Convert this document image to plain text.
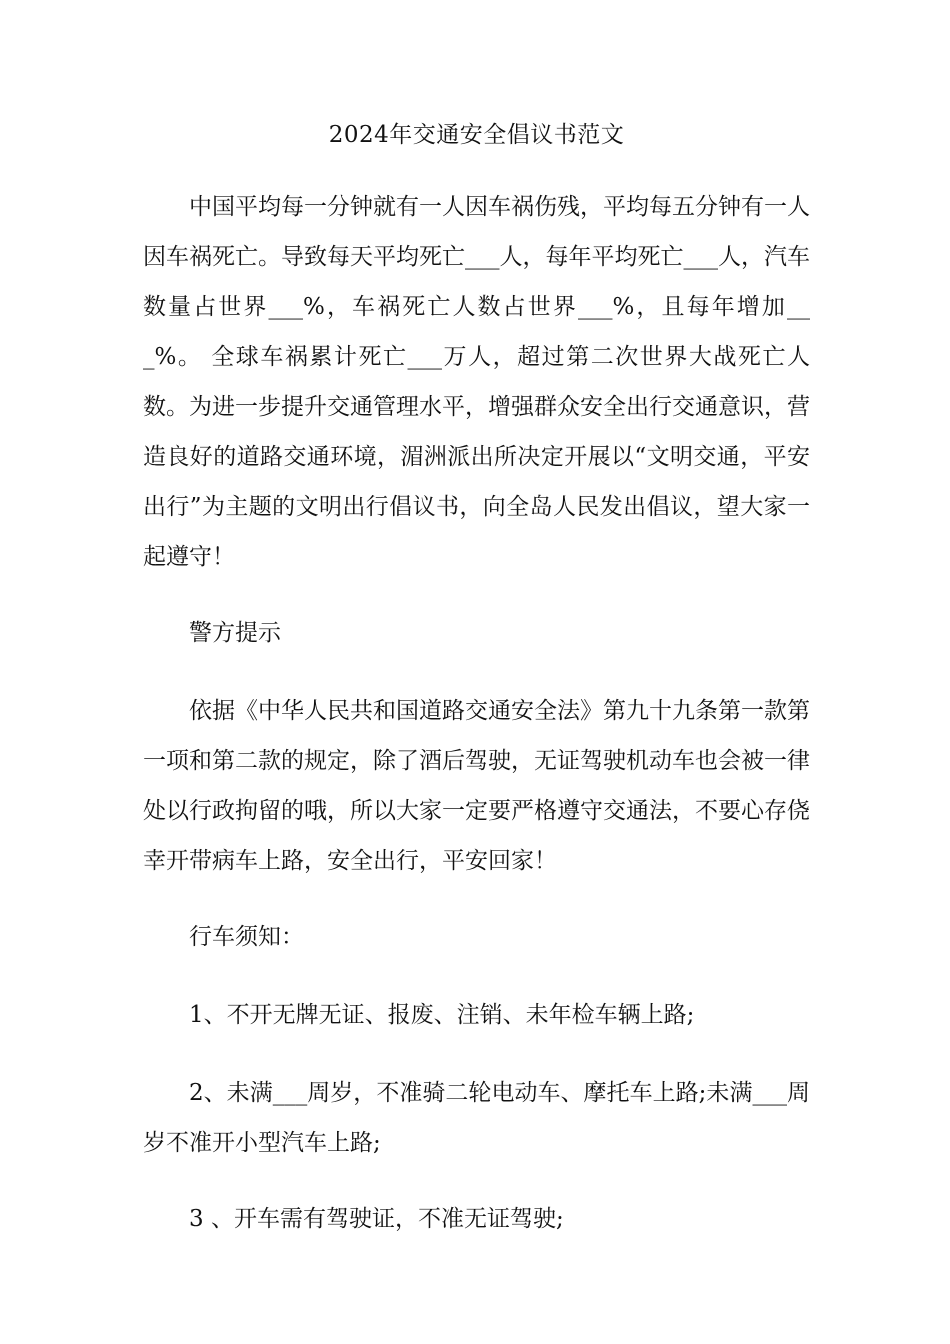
2024年交通安全倡议书范文

中国平均每一分钟就有一人因车祸伤残，平均每五分钟有一人因车祸死亡。导致每天平均死亡___人，每年平均死亡___人，汽车数量占世界___%，车祸死亡人数占世界___%，且每年增加___%。 全球车祸累计死亡___万人，超过第二次世界大战死亡人数。为进一步提升交通管理水平，增强群众安全出行交通意识，营造良好的道路交通环境，湄洲派出所决定开展以“文明交通，平安出行”为主题的文明出行倡议书，向全岛人民发出倡议，望大家一起遵守！

警方提示

依据《中华人民共和国道路交通安全法》第九十九条第一款第一项和第二款的规定，除了酒后驾驶，无证驾驶机动车也会被一律处以行政拘留的哦，所以大家一定要严格遵守交通法，不要心存侥幸开带病车上路，安全出行，平安回家！

行车须知：

1、不开无牌无证、报废、注销、未年检车辆上路;

2、未满___周岁，不准骑二轮电动车、摩托车上路;未满___周岁不准开小型汽车上路;

3 、开车需有驾驶证，不准无证驾驶;
